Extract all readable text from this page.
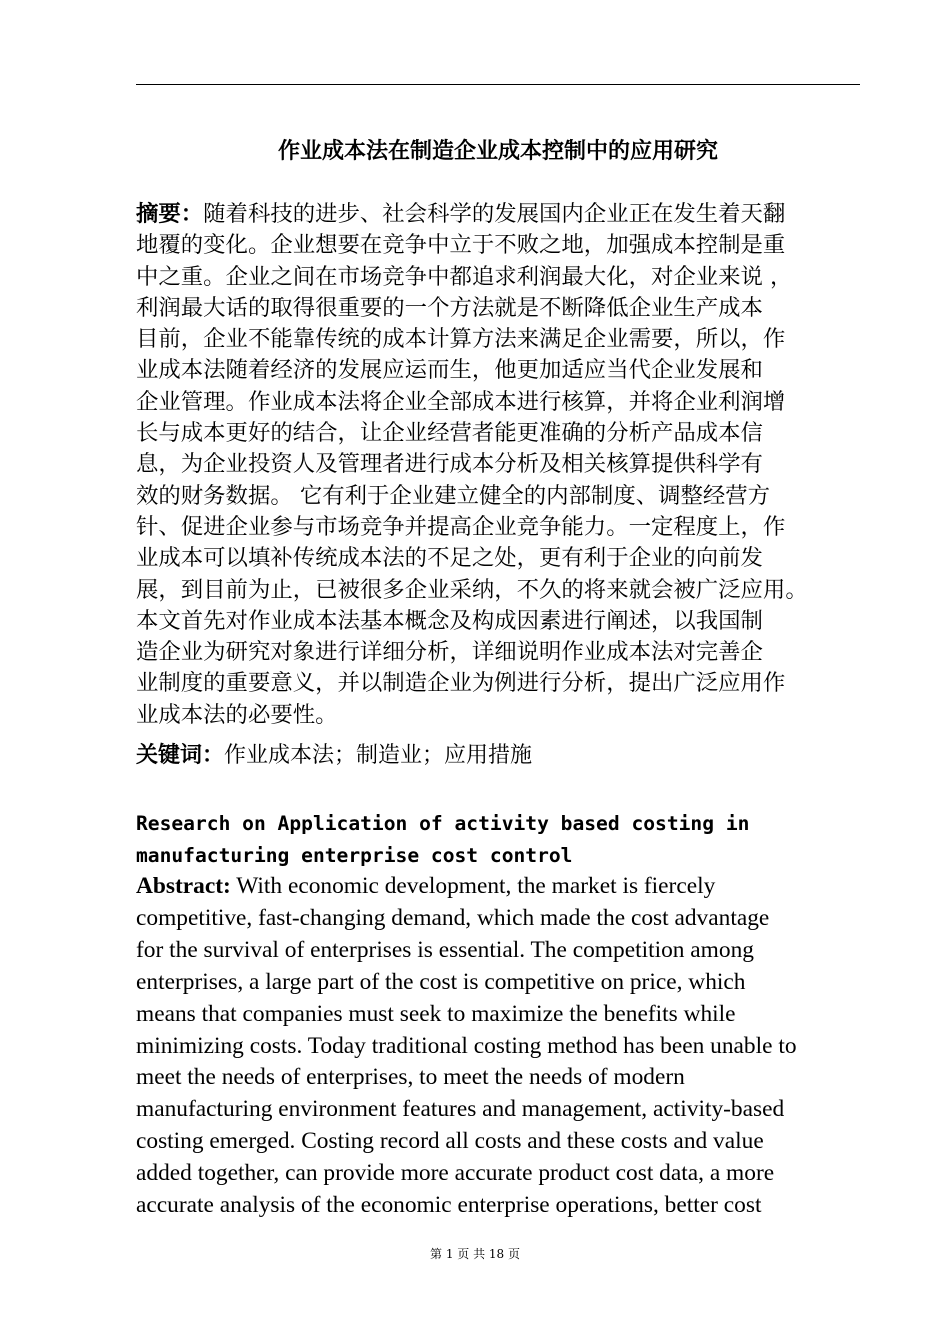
作业成本法在制造企业成本控制中的应用研究
摘要：随着科技的进步、社会科学的发展国内企业正在发生着天翻
地覆的变化。企业想要在竞争中立于不败之地，加强成本控制是重
中之重。企业之间在市场竞争中都追求利润最大化，对企业来说 ，
利润最大话的取得很重要的一个方法就是不断降低企业生产成本
目前，企业不能靠传统的成本计算方法来满足企业需要，所以，作
业成本法随着经济的发展应运而生，他更加适应当代企业发展和
企业管理。作业成本法将企业全部成本进行核算，并将企业利润增
长与成本更好的结合，让企业经营者能更准确的分析产品成本信
息，为企业投资人及管理者进行成本分析及相关核算提供科学有
效的财务数据。 它有利于企业建立健全的内部制度、调整经营方
针、促进企业参与市场竞争并提高企业竞争能力。一定程度上，作
业成本可以填补传统成本法的不足之处，更有利于企业的向前发
展，到目前为止，已被很多企业采纳，不久的将来就会被广泛应用。
本文首先对作业成本法基本概念及构成因素进行阐述，以我国制
造企业为研究对象进行详细分析，详细说明作业成本法对完善企
业制度的重要意义，并以制造企业为例进行分析，提出广泛应用作
业成本法的必要性。
关键词：作业成本法；制造业；应用措施
Research on Application of activity based costing in
manufacturing enterprise cost control
Abstract: With economic development, the market is fiercely
competitive, fast-changing demand, which made the cost advantage
for the survival of enterprises is essential. The competition among
enterprises, a large part of the cost is competitive on price, which
means that companies must seek to maximize the benefits while
minimizing costs. Today traditional costing method has been unable to
meet the needs of enterprises, to meet the needs of modern
manufacturing environment features and management, activity-based
costing emerged. Costing record all costs and these costs and value
added together, can provide more accurate product cost data, a more
accurate analysis of the economic enterprise operations, better cost
第 1 页 共 18 页
